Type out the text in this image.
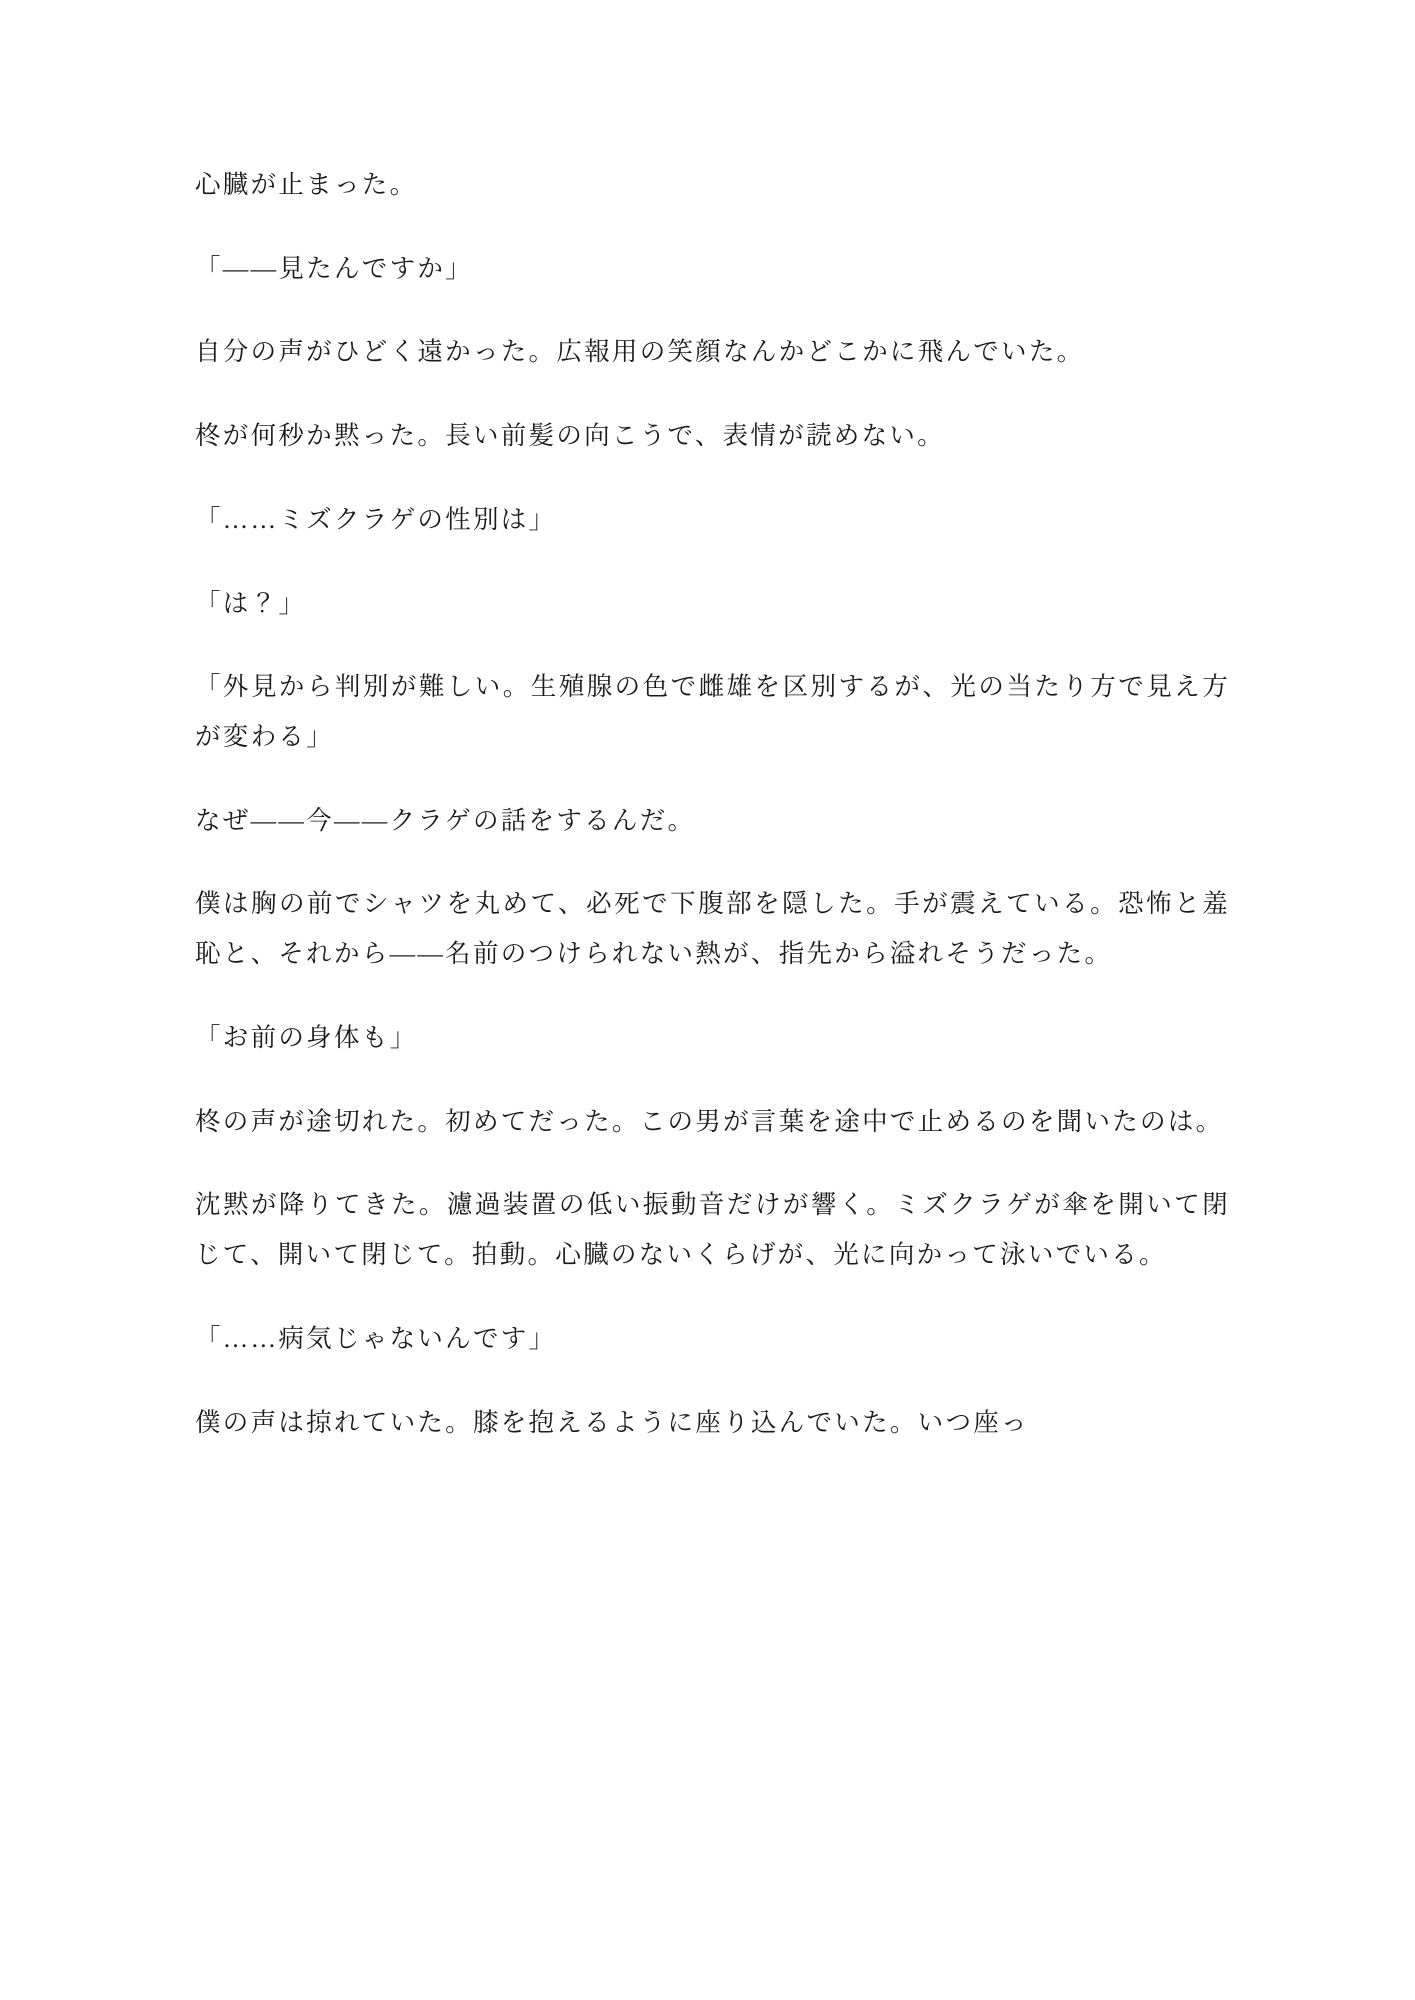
心臓が止まった。

「——見たんですか」

自分の声がひどく遠かった。広報用の笑顔なんかどこかに飛んでいた。

柊が何秒か黙った。長い前髪の向こうで、表情が読めない。

「……ミズクラゲの性別は」

「は？」

「外見から判別が難しい。生殖腺の色で雌雄を区別するが、光の当たり方で見え方が変わる」

なぜ——今——クラゲの話をするんだ。

僕は胸の前でシャツを丸めて、必死で下腹部を隠した。手が震えている。恐怖と羞恥と、それから——名前のつけられない熱が、指先から溢れそうだった。

「お前の身体も」

柊の声が途切れた。初めてだった。この男が言葉を途中で止めるのを聞いたのは。

沈黙が降りてきた。濾過装置の低い振動音だけが響く。ミズクラゲが傘を開いて閉じて、開いて閉じて。拍動。心臓のないくらげが、光に向かって泳いでいる。

「……病気じゃないんです」

僕の声は掠れていた。膝を抱えるように座り込んでいた。いつ座っ
